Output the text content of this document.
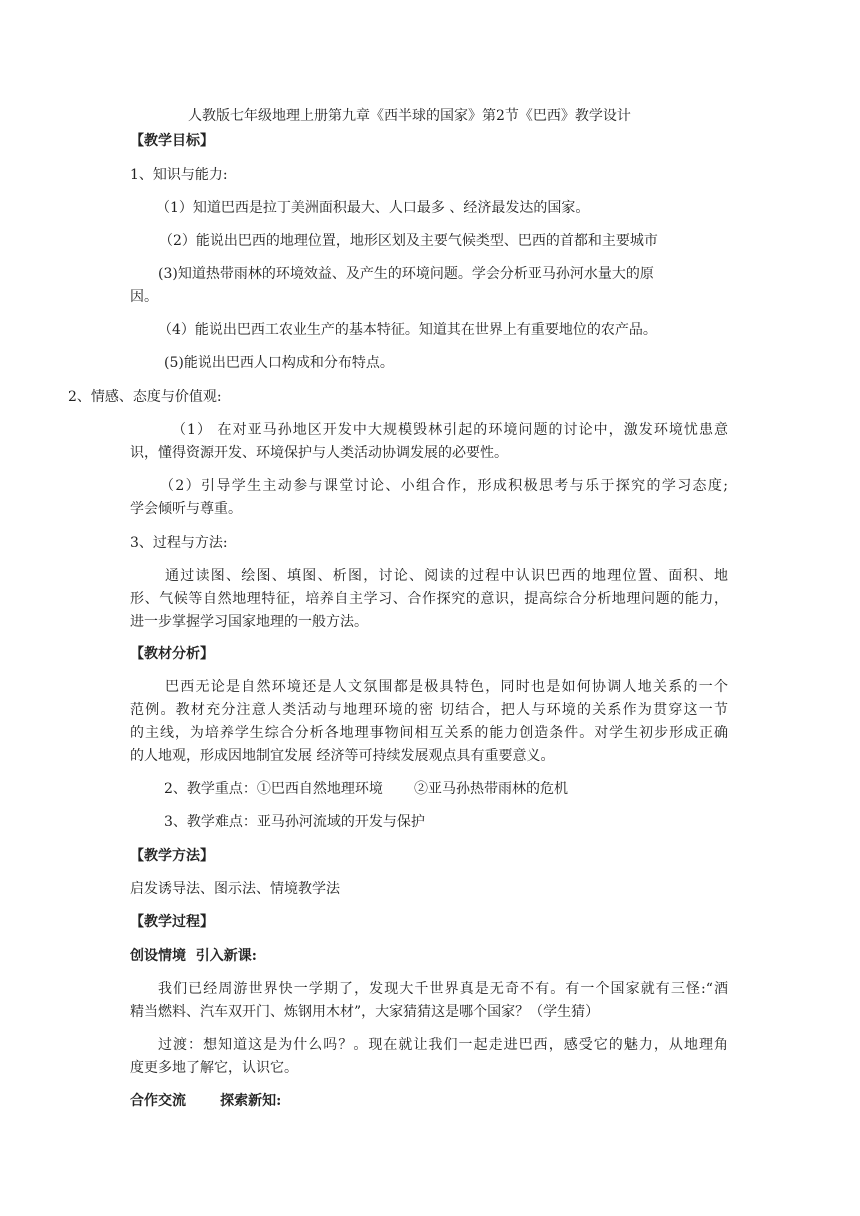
人教版七年级地理上册第九章《西半球的国家》第2节《巴西》教学设计
【教学目标】
1、知识与能力:
（1）知道巴西是拉丁美洲面积最大、人口最多 、经济最发达的国家。
（2）能说出巴西的地理位置，地形区划及主要气候类型、巴西的首都和主要城市
(3)知道热带雨林的环境效益、及产生的环境问题。学会分析亚马孙河水量大的原
因。
（4）能说出巴西工农业生产的基本特征。知道其在世界上有重要地位的农产品。
(5)能说出巴西人口构成和分布特点。
2、情感、态度与价值观:
（1） 在对亚马孙地区开发中大规模毁林引起的环境问题的讨论中，激发环境忧患意
识，懂得资源开发、环境保护与人类活动协调发展的必要性。
（2）引导学生主动参与课堂讨论、小组合作，形成积极思考与乐于探究的学习态度;
学会倾听与尊重。
3、过程与方法:
通过读图、绘图、填图、析图，讨论、阅读的过程中认识巴西的地理位置、面积、地
形、气候等自然地理特征，培养自主学习、合作探究的意识，提高综合分析地理问题的能力，
进一步掌握学习国家地理的一般方法。
【教材分析】
巴西无论是自然环境还是人文氛围都是极具特色，同时也是如何协调人地关系的一个
范例。教材充分注意人类活动与地理环境的密 切结合，把人与环境的关系作为贯穿这一节
的主线，为培养学生综合分析各地理事物间相互关系的能力创造条件。对学生初步形成正确
的人地观，形成因地制宜发展 经济等可持续发展观点具有重要意义。
2、教学重点：①巴西自然地理环境       ②亚马孙热带雨林的危机
3、教学难点：亚马孙河流域的开发与保护
【教学方法】
启发诱导法、图示法、情境教学法
【教学过程】
创设情境  引入新课:
我们已经周游世界快一学期了，发现大千世界真是无奇不有。有一个国家就有三怪:“酒
精当燃料、汽车双开门、炼钢用木材”，大家猜猜这是哪个国家？（学生猜）
过渡：想知道这是为什么吗？。现在就让我们一起走进巴西，感受它的魅力，从地理角
度更多地了解它，认识它。
合作交流       探索新知:
